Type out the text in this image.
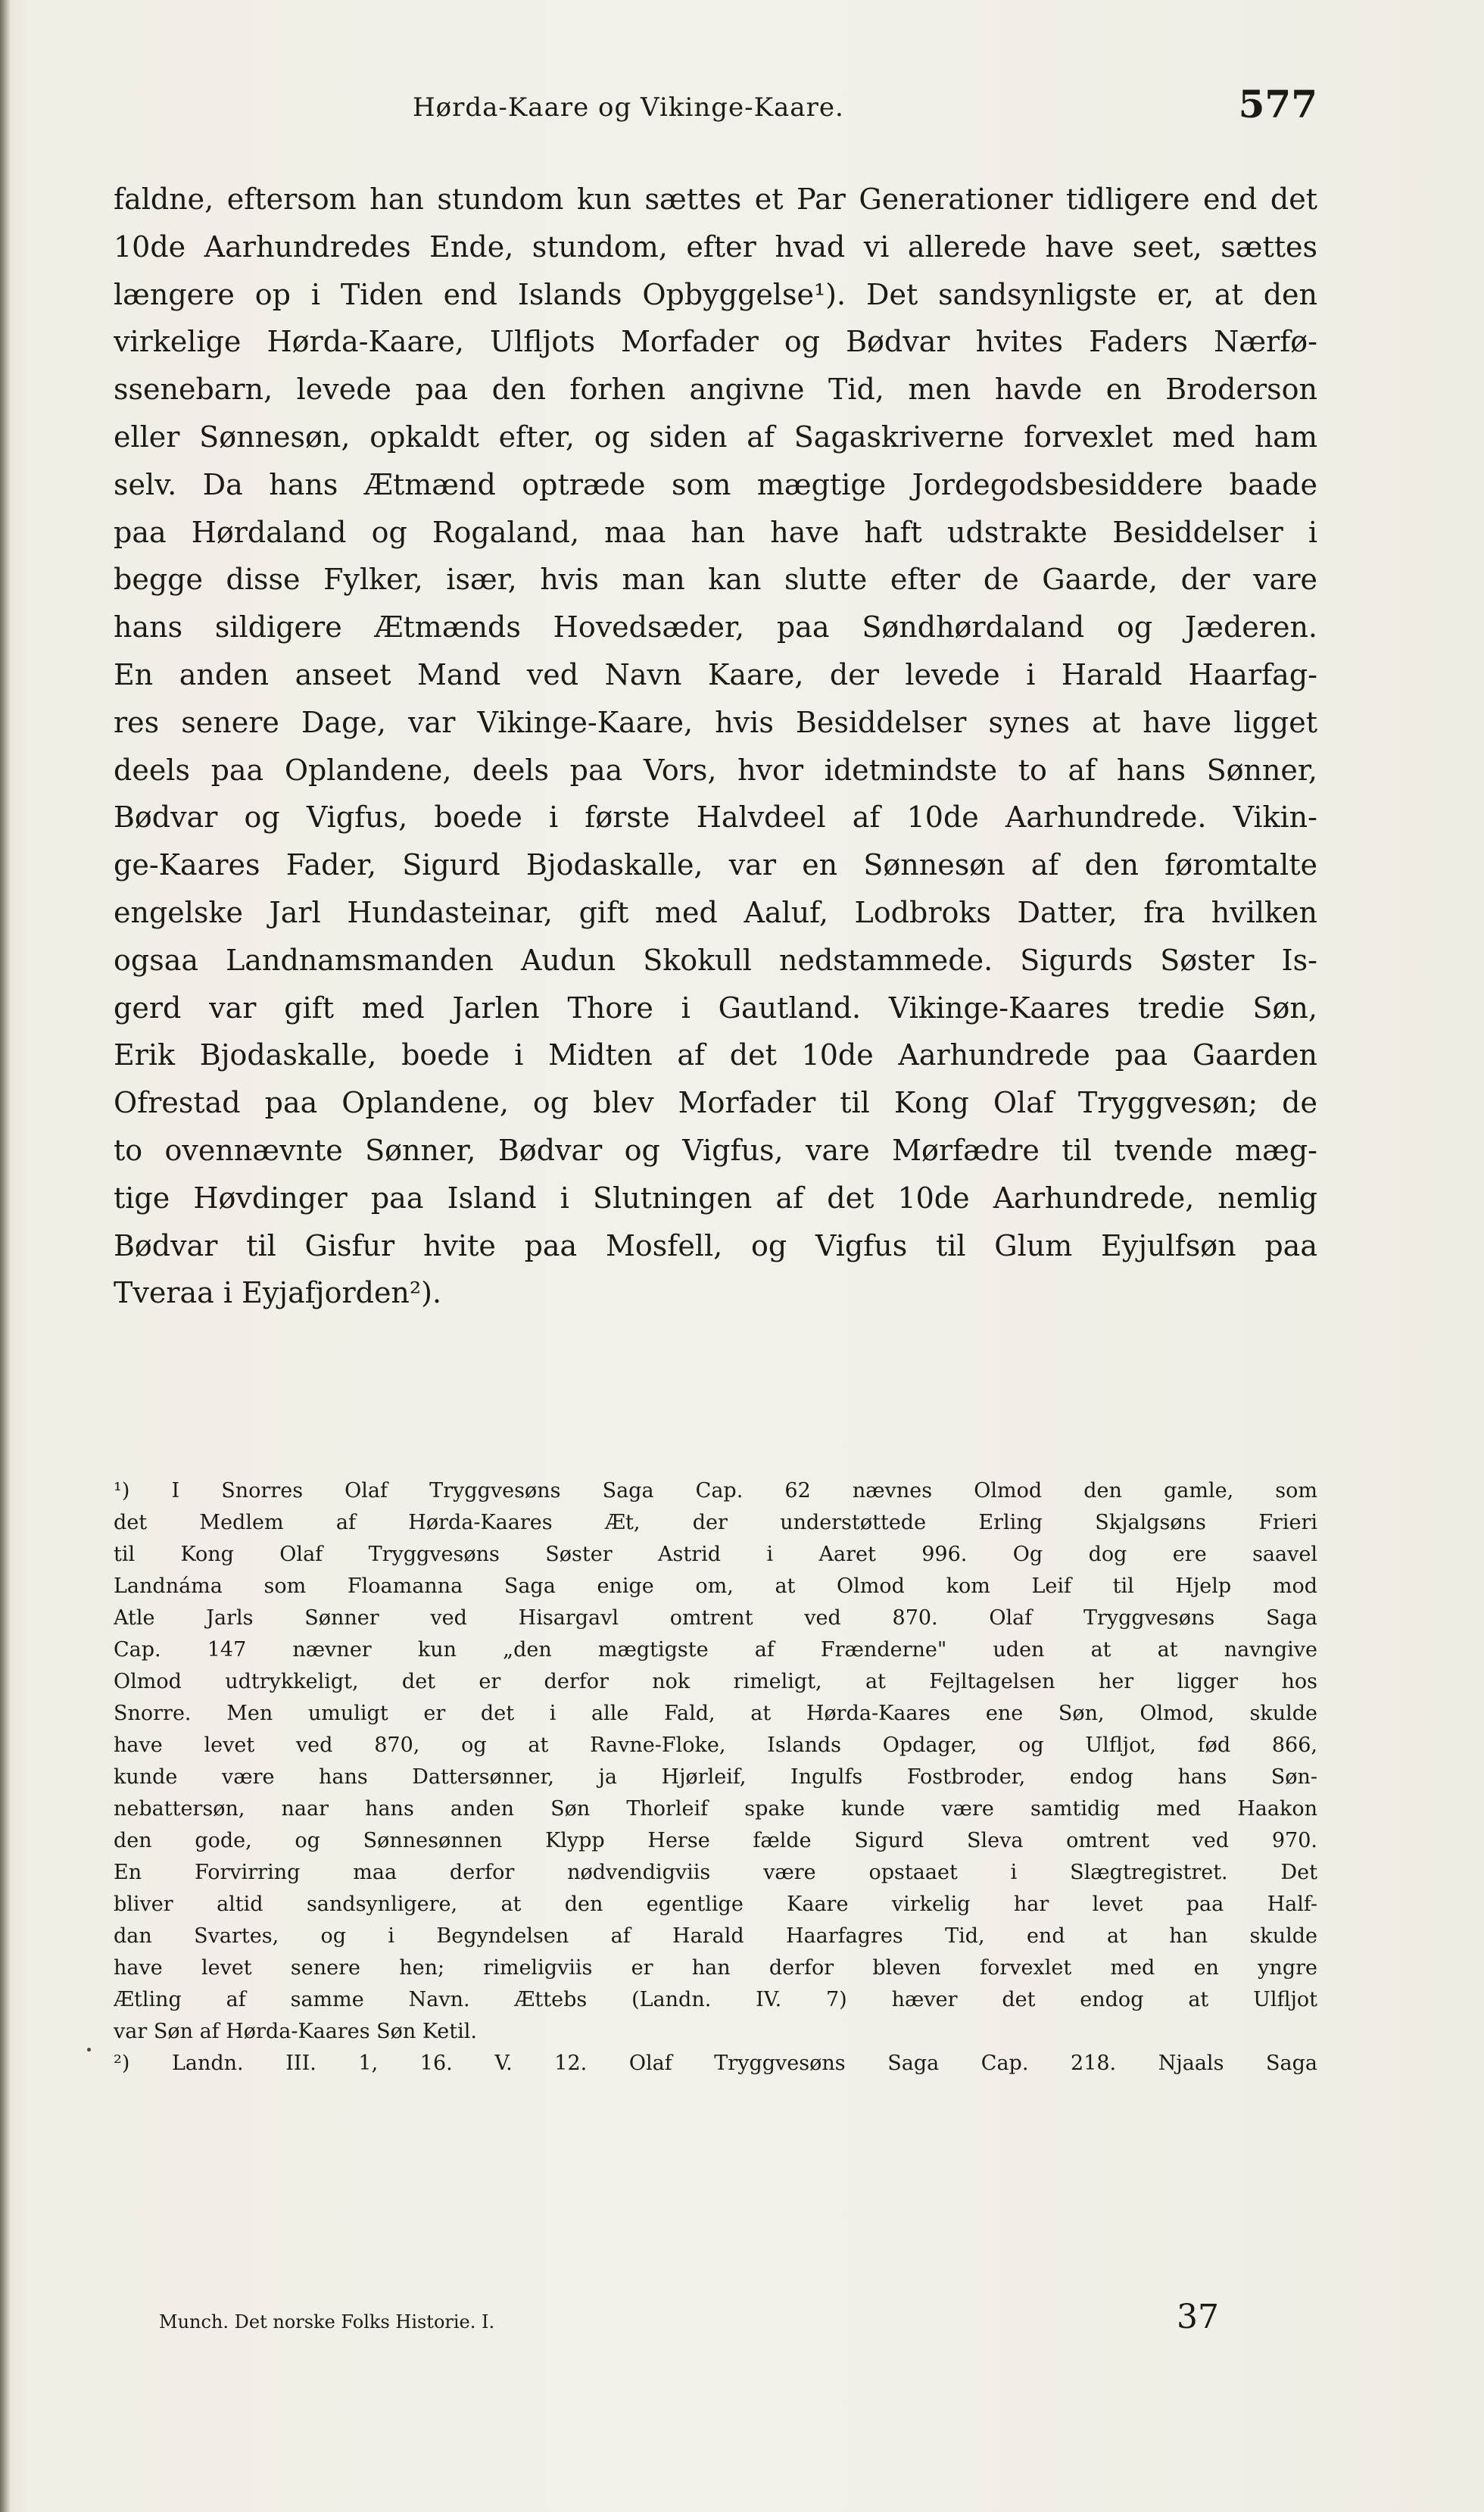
Hørda-Kaare og Vikinge-Kaare.	577
faldne, eftersom han stundom kun sættes et Par Generationer tidligere end det
10de Aarhundredes Ende, stundom, efter hvad vi allerede have seet, sættes
længere op i Tiden end Islands Opbyggelse¹). Det sandsynligste er, at den
virkelige Hørda-Kaare, Ulfljots Morfader og Bødvar hvites Faders Nærfø-
ssenebarn, levede paa den forhen angivne Tid, men havde en Broderson
eller Sønnesøn, opkaldt efter, og siden af Sagaskriverne forvexlet med ham
selv. Da hans Ætmænd optræde som mægtige Jordegodsbesiddere baade
paa Hørdaland og Rogaland, maa han have haft udstrakte Besiddelser i
begge disse Fylker, især, hvis man kan slutte efter de Gaarde, der vare
hans sildigere Ætmænds Hovedsæder, paa Søndhørdaland og Jæderen.
En anden anseet Mand ved Navn Kaare, der levede i Harald Haarfag-
res senere Dage, var Vikinge-Kaare, hvis Besiddelser synes at have ligget
deels paa Oplandene, deels paa Vors, hvor idetmindste to af hans Sønner,
Bødvar og Vigfus, boede i første Halvdeel af 10de Aarhundrede. Vikin-
ge-Kaares Fader, Sigurd Bjodaskalle, var en Sønnesøn af den føromtalte
engelske Jarl Hundasteinar, gift med Aaluf, Lodbroks Datter, fra hvilken
ogsaa Landnamsmanden Audun Skokull nedstammede. Sigurds Søster Is-
gerd var gift med Jarlen Thore i Gautland. Vikinge-Kaares tredie Søn,
Erik Bjodaskalle, boede i Midten af det 10de Aarhundrede paa Gaarden
Ofrestad paa Oplandene, og blev Morfader til Kong Olaf Tryggvesøn; de
to ovennævnte Sønner, Bødvar og Vigfus, vare Mørfædre til tvende mæg-
tige Høvdinger paa Island i Slutningen af det 10de Aarhundrede, nemlig
Bødvar til Gisfur hvite paa Mosfell, og Vigfus til Glum Eyjulfsøn paa
Tveraa i Eyjafjorden²).
¹) I Snorres Olaf Tryggvesøns Saga Cap. 62 nævnes Olmod den gamle, som
det Medlem af Hørda-Kaares Æt, der understøttede Erling Skjalgsøns Frieri
til Kong Olaf Tryggvesøns Søster Astrid i Aaret 996. Og dog ere saavel
Landnáma som Floamanna Saga enige om, at Olmod kom Leif til Hjelp mod
Atle Jarls Sønner ved Hisargavl omtrent ved 870. Olaf Tryggvesøns Saga
Cap. 147 nævner kun „den mægtigste af Frænderne" uden at at navngive
Olmod udtrykkeligt, det er derfor nok rimeligt, at Fejltagelsen her ligger hos
Snorre. Men umuligt er det i alle Fald, at Hørda-Kaares ene Søn, Olmod, skulde
have levet ved 870, og at Ravne-Floke, Islands Opdager, og Ulfljot, fød 866,
kunde være hans Dattersønner, ja Hjørleif, Ingulfs Fostbroder, endog hans Søn-
nebattersøn, naar hans anden Søn Thorleif spake kunde være samtidig med Haakon
den gode, og Sønnesønnen Klypp Herse fælde Sigurd Sleva omtrent ved 970.
En Forvirring maa derfor nødvendigviis være opstaaet i Slægtregistret. Det
bliver altid sandsynligere, at den egentlige Kaare virkelig har levet paa Half-
dan Svartes, og i Begyndelsen af Harald Haarfagres Tid, end at han skulde
have levet senere hen; rimeligviis er han derfor bleven forvexlet med en yngre
Ætling af samme Navn. Ættebs (Landn. IV. 7) hæver det endog at Ulfljot
var Søn af Hørda-Kaares Søn Ketil.
²) Landn. III. 1, 16. V. 12. Olaf Tryggvesøns Saga Cap. 218. Njaals Saga
Munch. Det norske Folks Historie. I.	37
